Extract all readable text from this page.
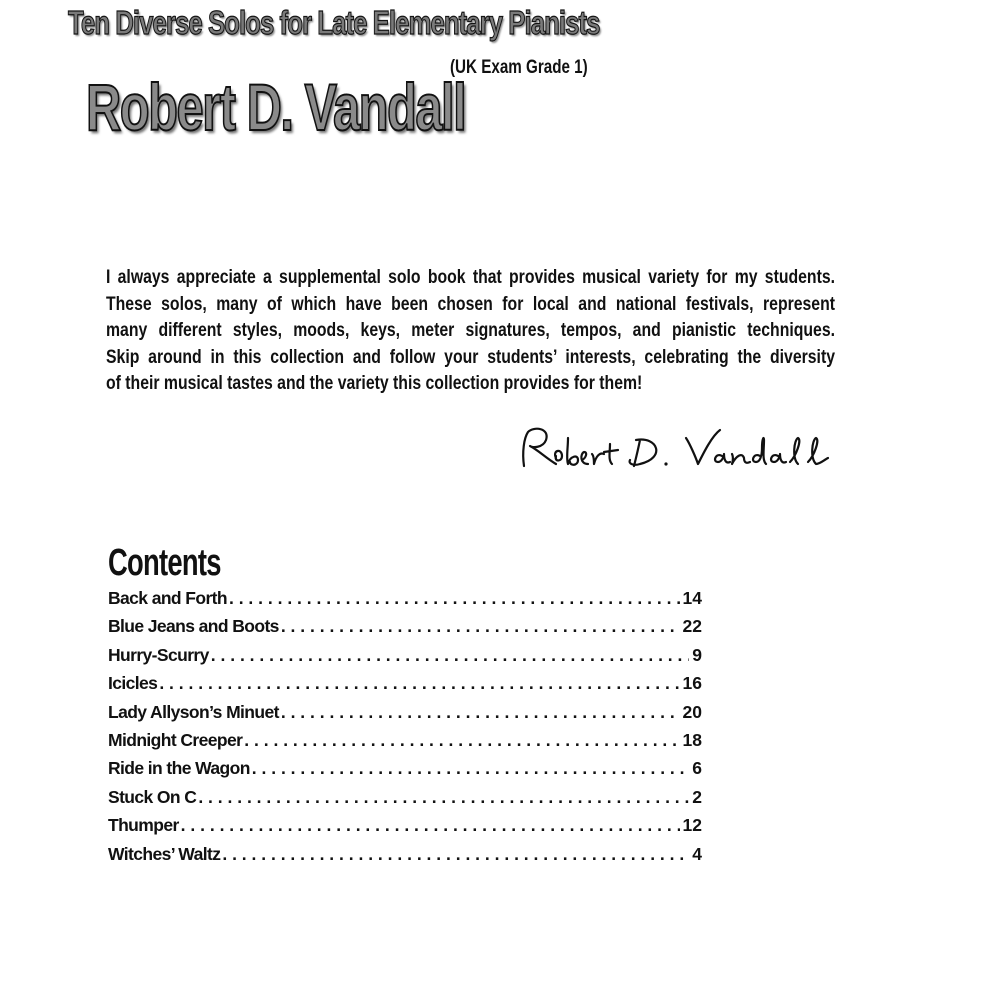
Ten Diverse Solos for Late Elementary Pianists
(UK Exam Grade 1)
Robert D. Vandall
I always appreciate a supplemental solo book that provides musical variety for my students.
These solos, many of which have been chosen for local and national festivals, represent
many different styles, moods, keys, meter signatures, tempos, and pianistic techniques.
Skip around in this collection and follow your students’ interests, celebrating the diversity
of their musical tastes and the variety this collection provides for them!
Contents
Back and Forth . . .	14
Blue Jeans and Boots . . .	22
Hurry-Scurry . . .	9
Icicles . . .	16
Lady Allyson’s Minuet . . .	20
Midnight Creeper . . .	18
Ride in the Wagon . . .	6
Stuck On C . . .	2
Thumper . . .	12
Witches’ Waltz . . .	4
